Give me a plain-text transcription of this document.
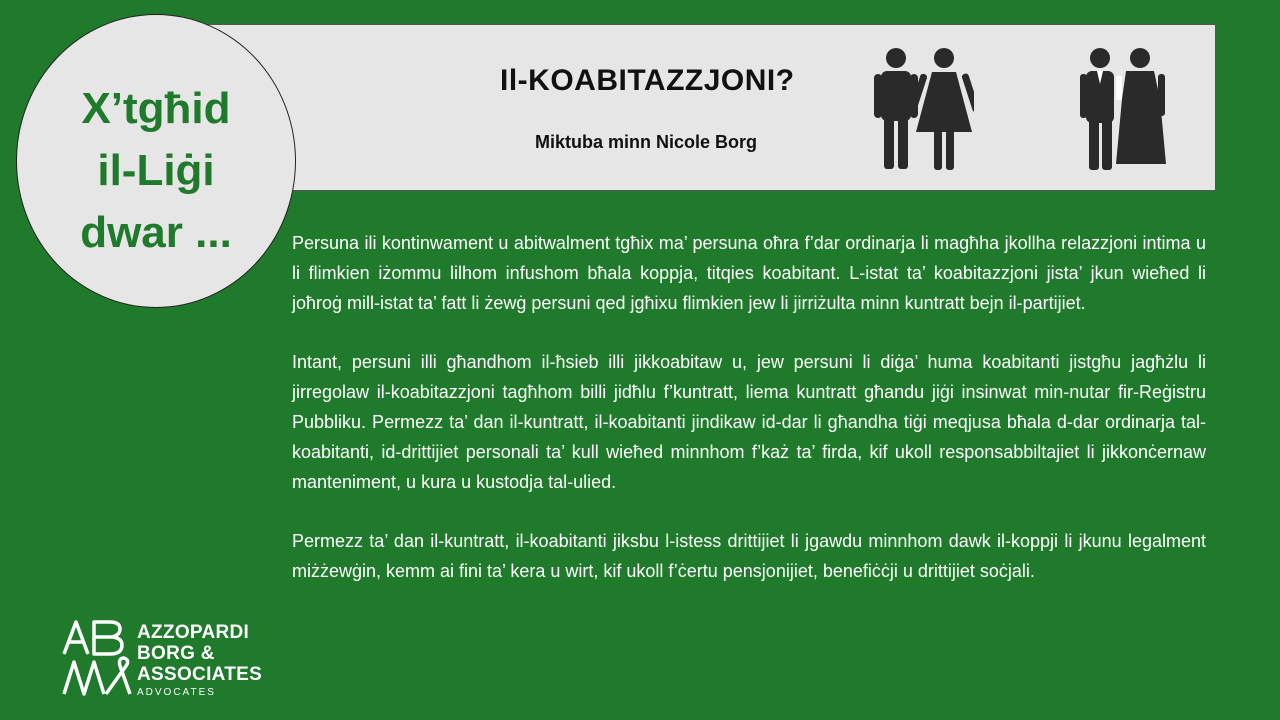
Il-KOABITAZZJONI?
Miktuba minn Nicole Borg
X’tgħid
il-Liġi
dwar ...	Persuna ili kontinwament u abitwalment tgħix ma’ persuna oħra f’dar ordinarja li magħha jkollha relazzjoni intima u li flimkien iżommu lilhom infushom bħala koppja, titqies koabitant. L-istat ta’ koabitazzjoni jista’ jkun wieħed li joħroġ mill-istat ta’ fatt li żewġ persuni qed jgħixu flimkien jew li jirriżulta minn kuntratt bejn il-partijiet.

Intant, persuni illi għandhom il-ħsieb illi jikkoabitaw u, jew persuni li diġa’ huma koabitanti jistgħu jagħżlu li jirregolaw il-koabitazzjoni tagħhom billi jidħlu f’kuntratt, liema kuntratt għandu jiġi insinwat min-nutar fir-Reġistru Pubbliku. Permezz ta’ dan il-kuntratt, il-koabitanti jindikaw id-dar li għandha tiġi meqjusa bħala d-dar ordinarja tal-koabitanti, id-drittijiet personali ta’ kull wieħed minnhom f’każ ta’ firda, kif ukoll responsabbiltajiet li jikkonċernaw manteniment, u kura u kustodja tal-ulied.

Permezz ta’ dan il-kuntratt, il-koabitanti jiksbu l-istess drittijiet li jgawdu minnhom dawk il-koppji li jkunu legalment miżżewġin, kemm ai fini ta’ kera u wirt, kif ukoll f’ċertu pensjonijiet, benefiċċji u drittijiet soċjali.

AZZOPARDI
BORG &
ASSOCIATES
ADVOCATES
